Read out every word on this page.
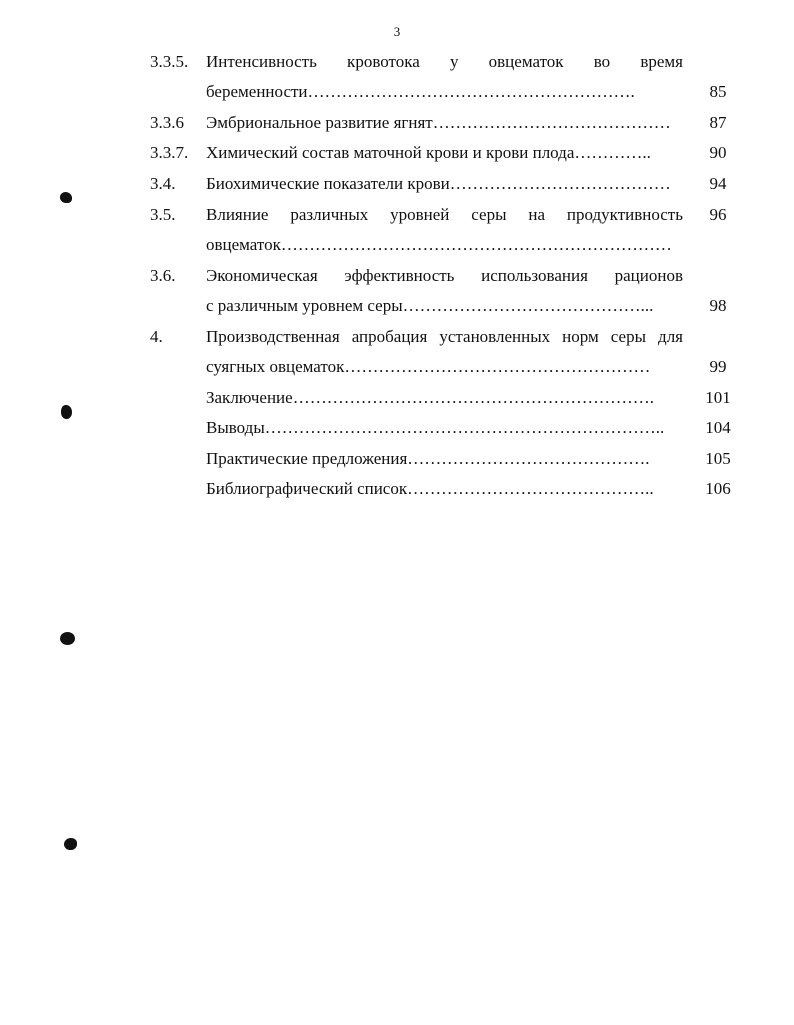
3
3.3.5. Интенсивность кровотока у овцематок во время
беременности………………………………………………….	85
3.3.6 Эмбриональное развитие ягнят……………………………………	87
3.3.7. Химический состав маточной крови и крови плода…………..	90
3.4. Биохимические показатели крови…………………………………	94
3.5. Влияние различных уровней серы на продуктивность	96
овцематок……………………………………………………………
3.6. Экономическая эффективность использования рационов
с различным уровнем серы……………………………………...	98
4.	Производственная апробация установленных норм серы для
суягных овцематок………………………………………………	99
Заключение……………………………………………………….	101
Выводы……………………………………………………………..	104
Практические предложения…………………………………….	105
Библиографический список……………………………………..	106
